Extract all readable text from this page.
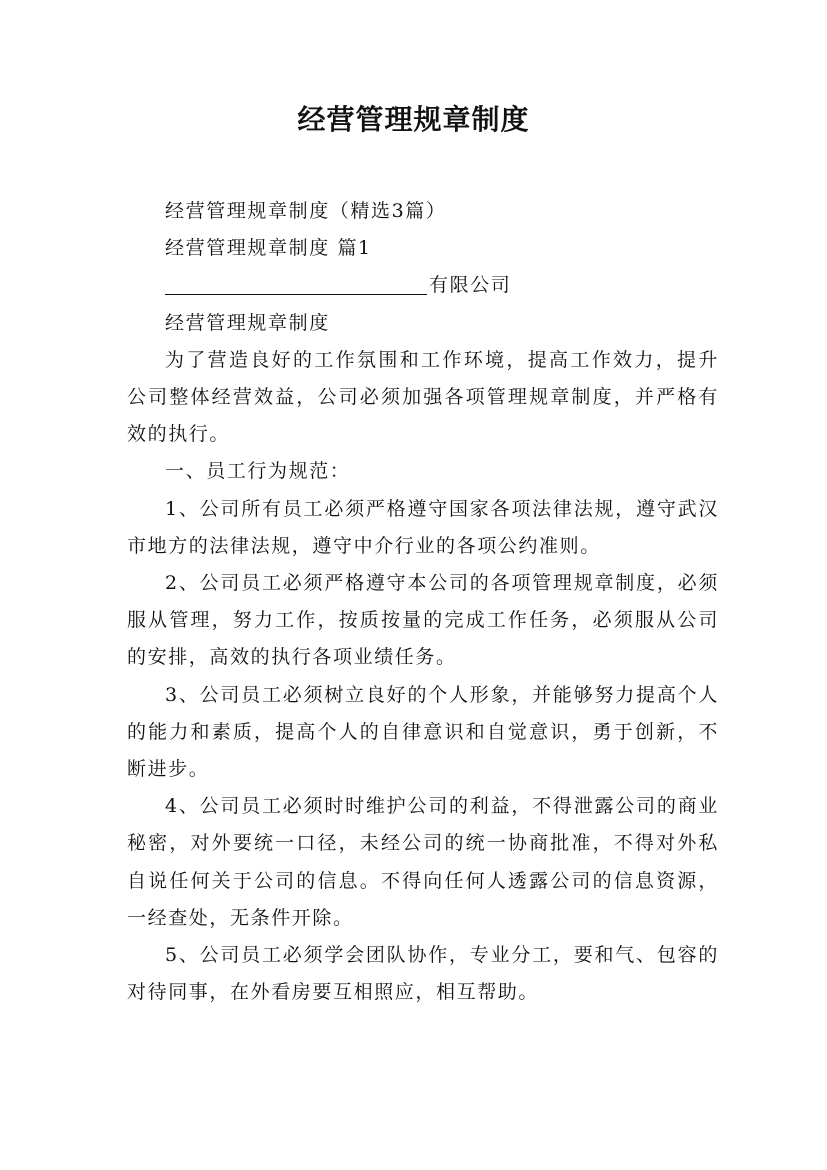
经营管理规章制度

经营管理规章制度（精选3篇）

经营管理规章制度 篇1

有限公司

经营管理规章制度

为了营造良好的工作氛围和工作环境，提高工作效力，提升公司整体经营效益，公司必须加强各项管理规章制度，并严格有效的执行。

一、员工行为规范：

1、公司所有员工必须严格遵守国家各项法律法规，遵守武汉市地方的法律法规，遵守中介行业的各项公约准则。

2、公司员工必须严格遵守本公司的各项管理规章制度，必须服从管理，努力工作，按质按量的完成工作任务，必须服从公司的安排，高效的执行各项业绩任务。

3、公司员工必须树立良好的个人形象，并能够努力提高个人的能力和素质，提高个人的自律意识和自觉意识，勇于创新，不断进步。

4、公司员工必须时时维护公司的利益，不得泄露公司的商业秘密，对外要统一口径，未经公司的统一协商批准，不得对外私自说任何关于公司的信息。不得向任何人透露公司的信息资源，一经查处，无条件开除。

5、公司员工必须学会团队协作，专业分工，要和气、包容的对待同事，在外看房要互相照应，相互帮助。
